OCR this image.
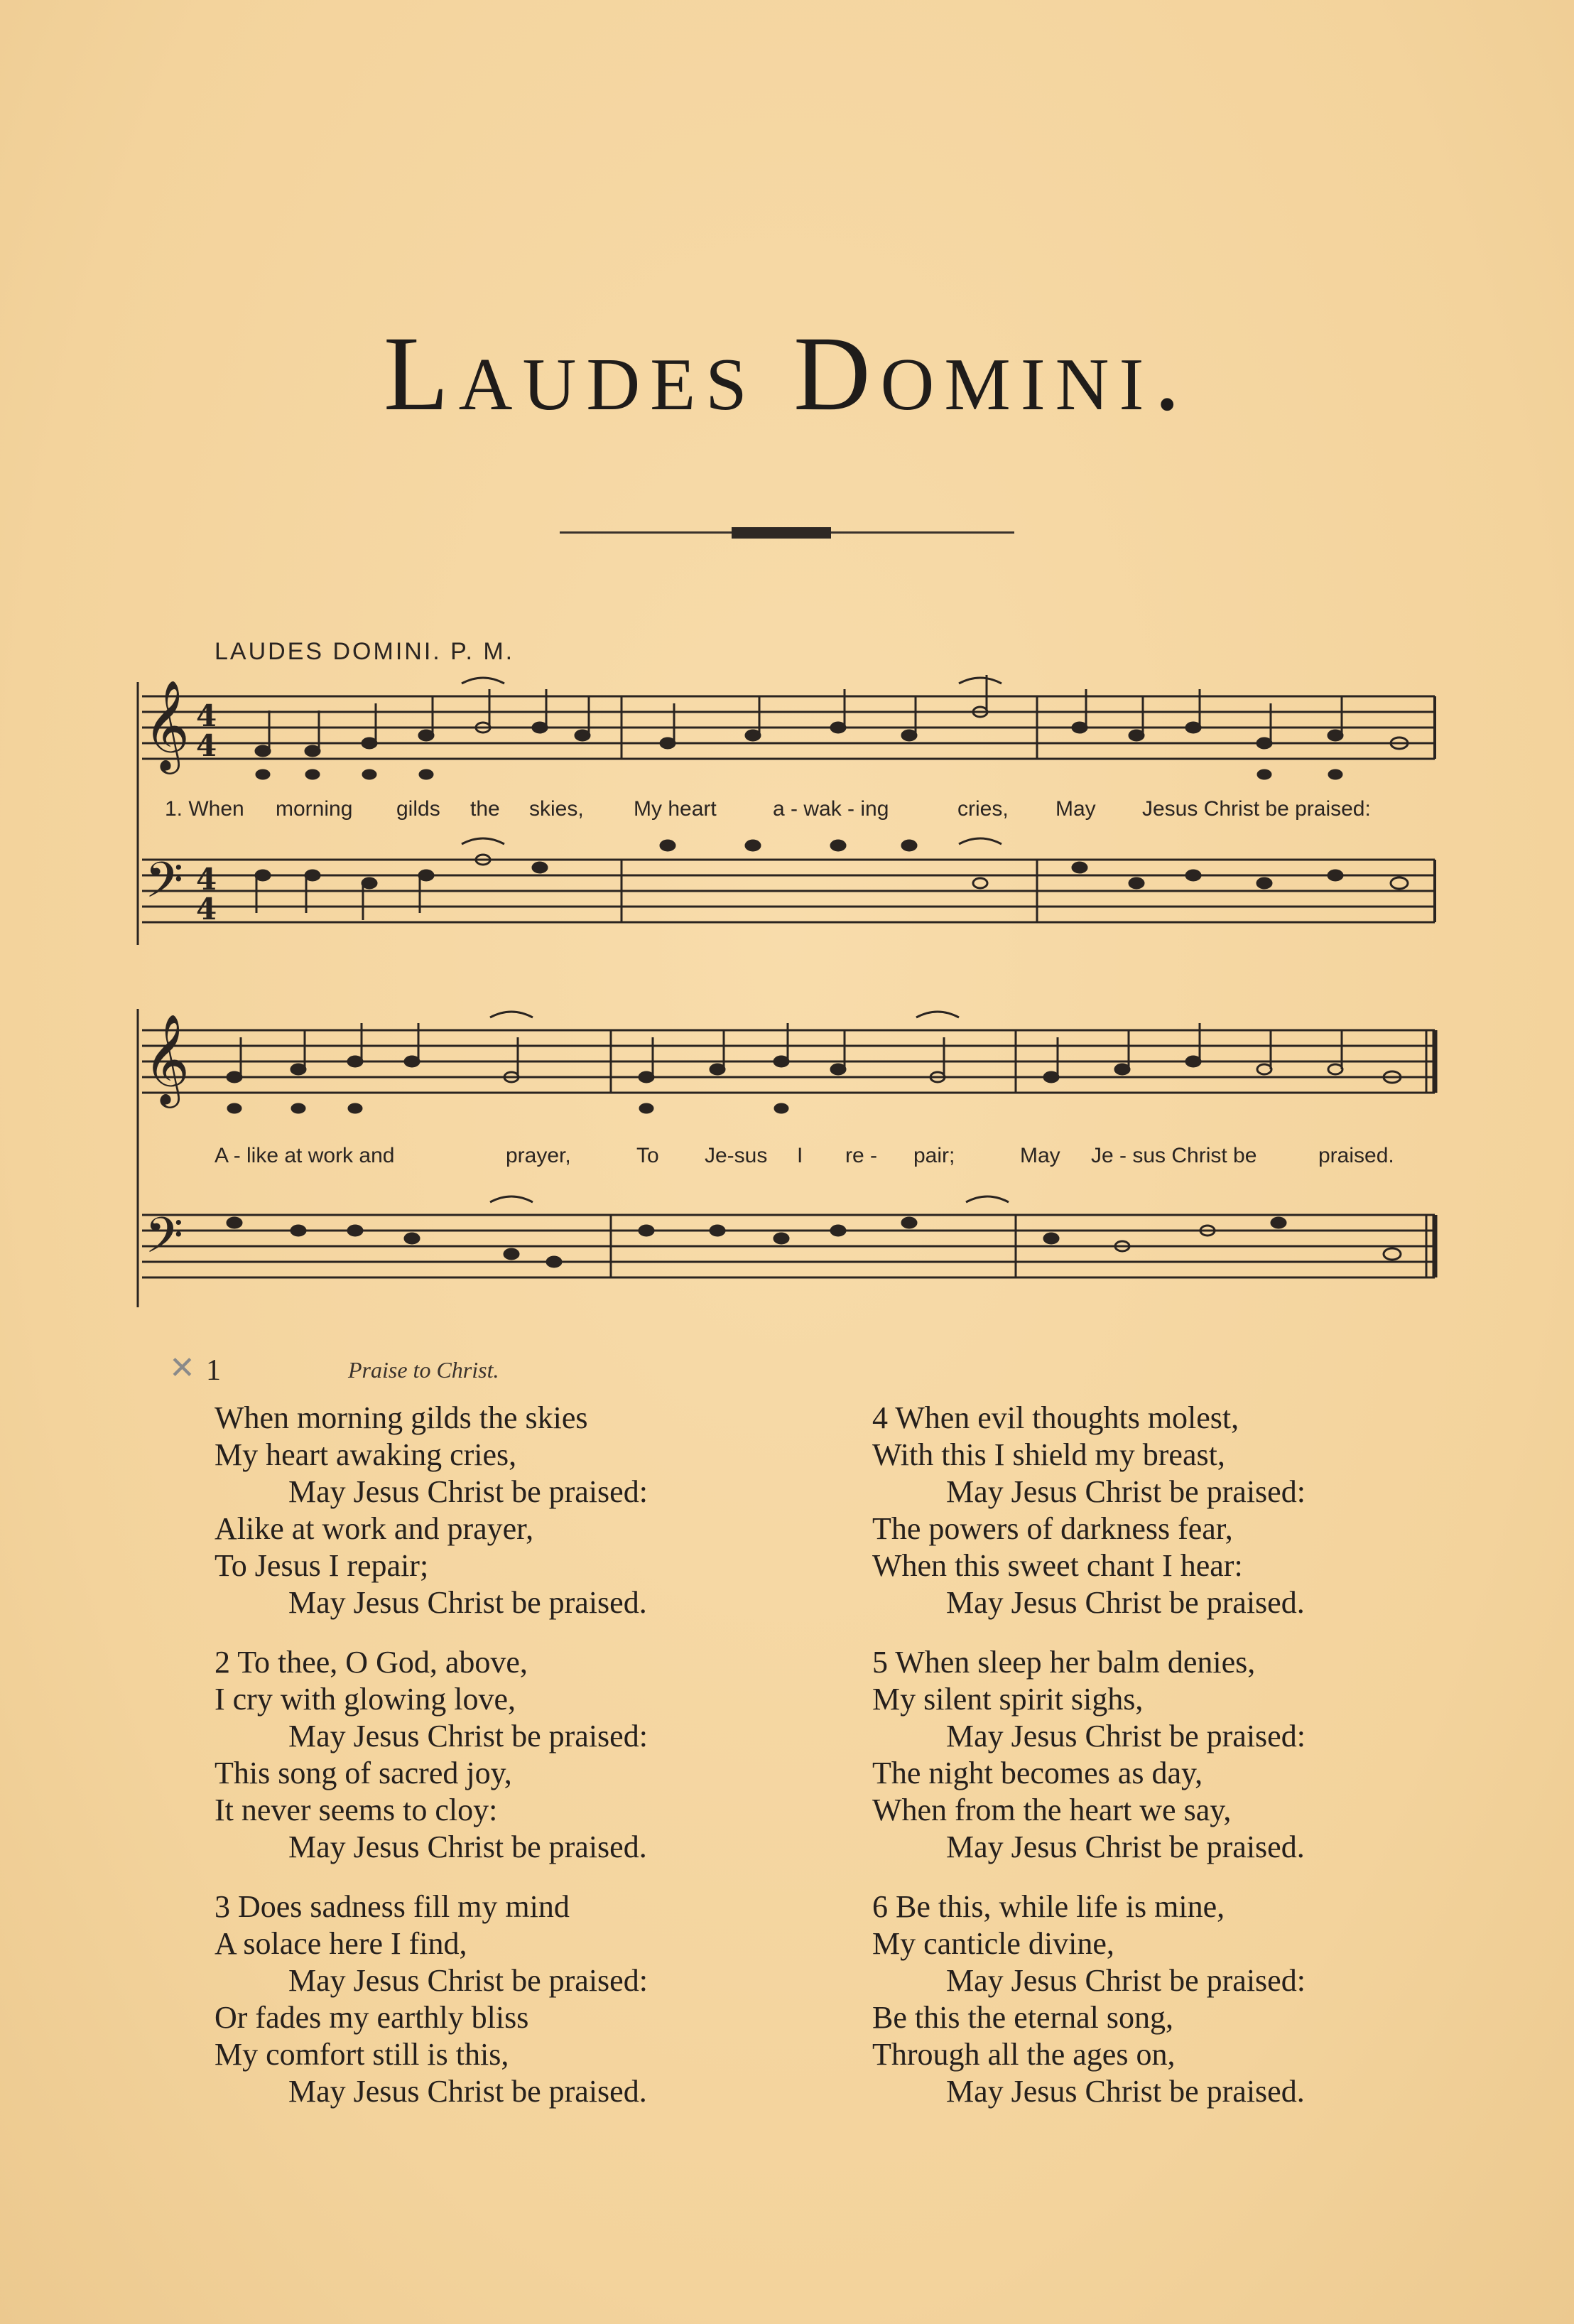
Laudes Domini.
LAUDES DOMINI. P. M.
𝄞
𝄢
4
4
4
4
1. When morning gilds the skies, My heart	a - wak - ing	cries, May Jesus Christ be praised:
𝄞
𝄢
A - like at work and	prayer,	To Je-sus I re - pair;	May Je - sus Christ be	praised.
✕ 1	Praise to Christ.
When morning gilds the skies
My heart awaking cries,
May Jesus Christ be praised:
Alike at work and prayer,
To Jesus I repair;
May Jesus Christ be praised.
2 To thee, O God, above,
I cry with glowing love,
May Jesus Christ be praised:
This song of sacred joy,
It never seems to cloy:
May Jesus Christ be praised.
3 Does sadness fill my mind
A solace here I find,
May Jesus Christ be praised:
Or fades my earthly bliss
My comfort still is this,
May Jesus Christ be praised.
4 When evil thoughts molest,
With this I shield my breast,
May Jesus Christ be praised:
The powers of darkness fear,
When this sweet chant I hear:
May Jesus Christ be praised.
5 When sleep her balm denies,
My silent spirit sighs,
May Jesus Christ be praised:
The night becomes as day,
When from the heart we say,
May Jesus Christ be praised.
6 Be this, while life is mine,
My canticle divine,
May Jesus Christ be praised:
Be this the eternal song,
Through all the ages on,
May Jesus Christ be praised.
